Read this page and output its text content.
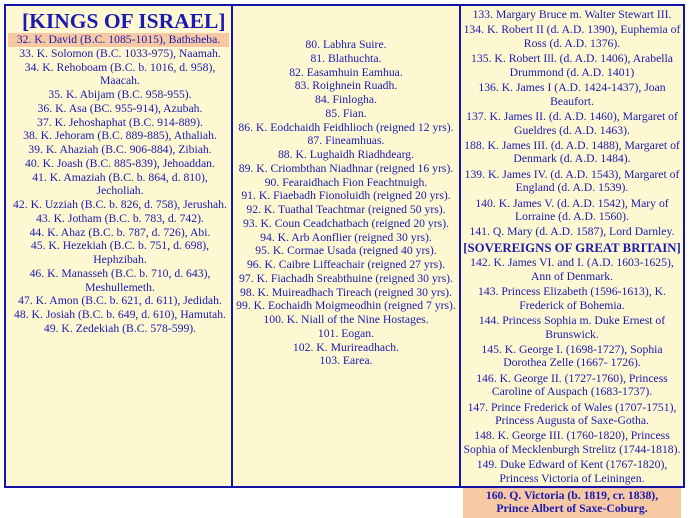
[KINGS OF ISRAEL]
32. K. David (B.C. 1085-1015), Bathsheba.
33. K. Solomon (B.C. 1033-975), Naamah.
34. K. Rehoboam (B.C. b. 1016, d. 958), Maacah.
35. K. Abijam (B.C. 958-955).
36. K. Asa (BC. 955-914), Azubah.
37. K. Jehoshaphat (B.C. 914-889).
38. K. Jehoram (B.C. 889-885), Athaliah.
39. K. Ahaziah (B.C. 906-884), Zibiah.
40. K. Joash (B.C. 885-839), Jehoaddan.
41. K. Amaziah (B.C. b. 864, d. 810), Jecholiah.
42. K. Uzziah (B.C. b. 826, d. 758), Jerushah.
43. K. Jotham (B.C. b. 783, d. 742).
44. K. Ahaz (B.C. b. 787, d. 726), Abi.
45. K. Hezekiah (B.C. b. 751, d. 698), Hephzibah.
46. K. Manasseh (B.C. b. 710, d. 643), Meshullemeth.
47. K. Amon (B.C. b. 621, d. 611), Jedidah.
48. K. Josiah (B.C. b. 649, d. 610), Hamutah.
49. K. Zedekiah (B.C. 578-599).
80. Labhra Suire.
81. Blathuchta.
82. Easamhuin Eamhua.
83. Roighnein Ruadh.
84. Finlogha.
85. Fian.
86. K. Eodchaidh Feidhlioch (reigned 12 yrs).
87. Fineamhuas.
88. K. Lughaidh Riadhdearg.
89. K. Criombthan Niadhnar (reigned 16 yrs).
90. Fearaidhach Fion Feachtnuigh.
91. K. Fiaebadh Fionoluidh (reigned 20 yrs).
92. K. Tuathal Teachtmar (reigned 50 yrs).
93. K. Coun Ceadchatbach (reigned 20 yrs).
94. K. Arb Aonflier (reigned 30 yrs).
95. K. Cormae Usada (reigned 40 yrs).
96. K. Caibre Liffeachair (reigned 27 yrs).
97. K. Fiachadh Sreabthuine (reigned 30 yrs).
98. K. Muireadhach Tireach (reigned 30 yrs).
99. K. Eochaidh Moigmeodhin (reigned 7 yrs).
100. K. Niall of the Nine Hostages.
101. Eogan.
102. K. Murireadhach.
103. Earea.
133. Margary Bruce m. Walter Stewart III.
134. K. Robert II (d. A.D. 1390), Euphemia of Ross (d. A.D. 1376).
135. K. Robert Ill. (d. A.D. 1406), Arabella Drummond (d. A.D. 1401)
136. K. James I (A.D. 1424-1437), Joan Beaufort.
137. K. James II. (d. A.D. 1460), Margaret of Gueldres (d. A.D. 1463).
188. K. James III. (d. A.D. 1488), Margaret of Denmark (d. A.D. 1484).
139. K. James IV. (d. A.D. 1543), Margaret of England (d. A.D. 1539).
140. K. James V. (d. A.D. 1542), Mary of Lorraine (d. A.D. 1560).
141. Q. Mary (d. A.D. 1587), Lord Darnley.
[SOVEREIGNS OF GREAT BRITAIN]
142. K. James VI. and I. (A.D. 1603-1625), Ann of Denmark.
143. Princess Elizabeth (1596-1613), K. Frederick of Bohemia.
144. Princess Sophia m. Duke Ernest of Brunswick.
145. K. George I. (1698-1727), Sophia Dorothea Zelle (1667- 1726).
146. K. George II. (1727-1760), Princess Caroline of Auspach (1683-1737).
147. Prince Frederick of Wales (1707-1751), Princess Augusta of Saxe-Gotha.
148. K. George III. (1760-1820), Princess Sophia of Mecklenburgh Strelitz (1744-1818).
149. Duke Edward of Kent (1767-1820), Princess Victoria of Leiningen.
160. Q. Victoria (b. 1819, cr. 1838),
Prince Albert of Saxe-Coburg.
